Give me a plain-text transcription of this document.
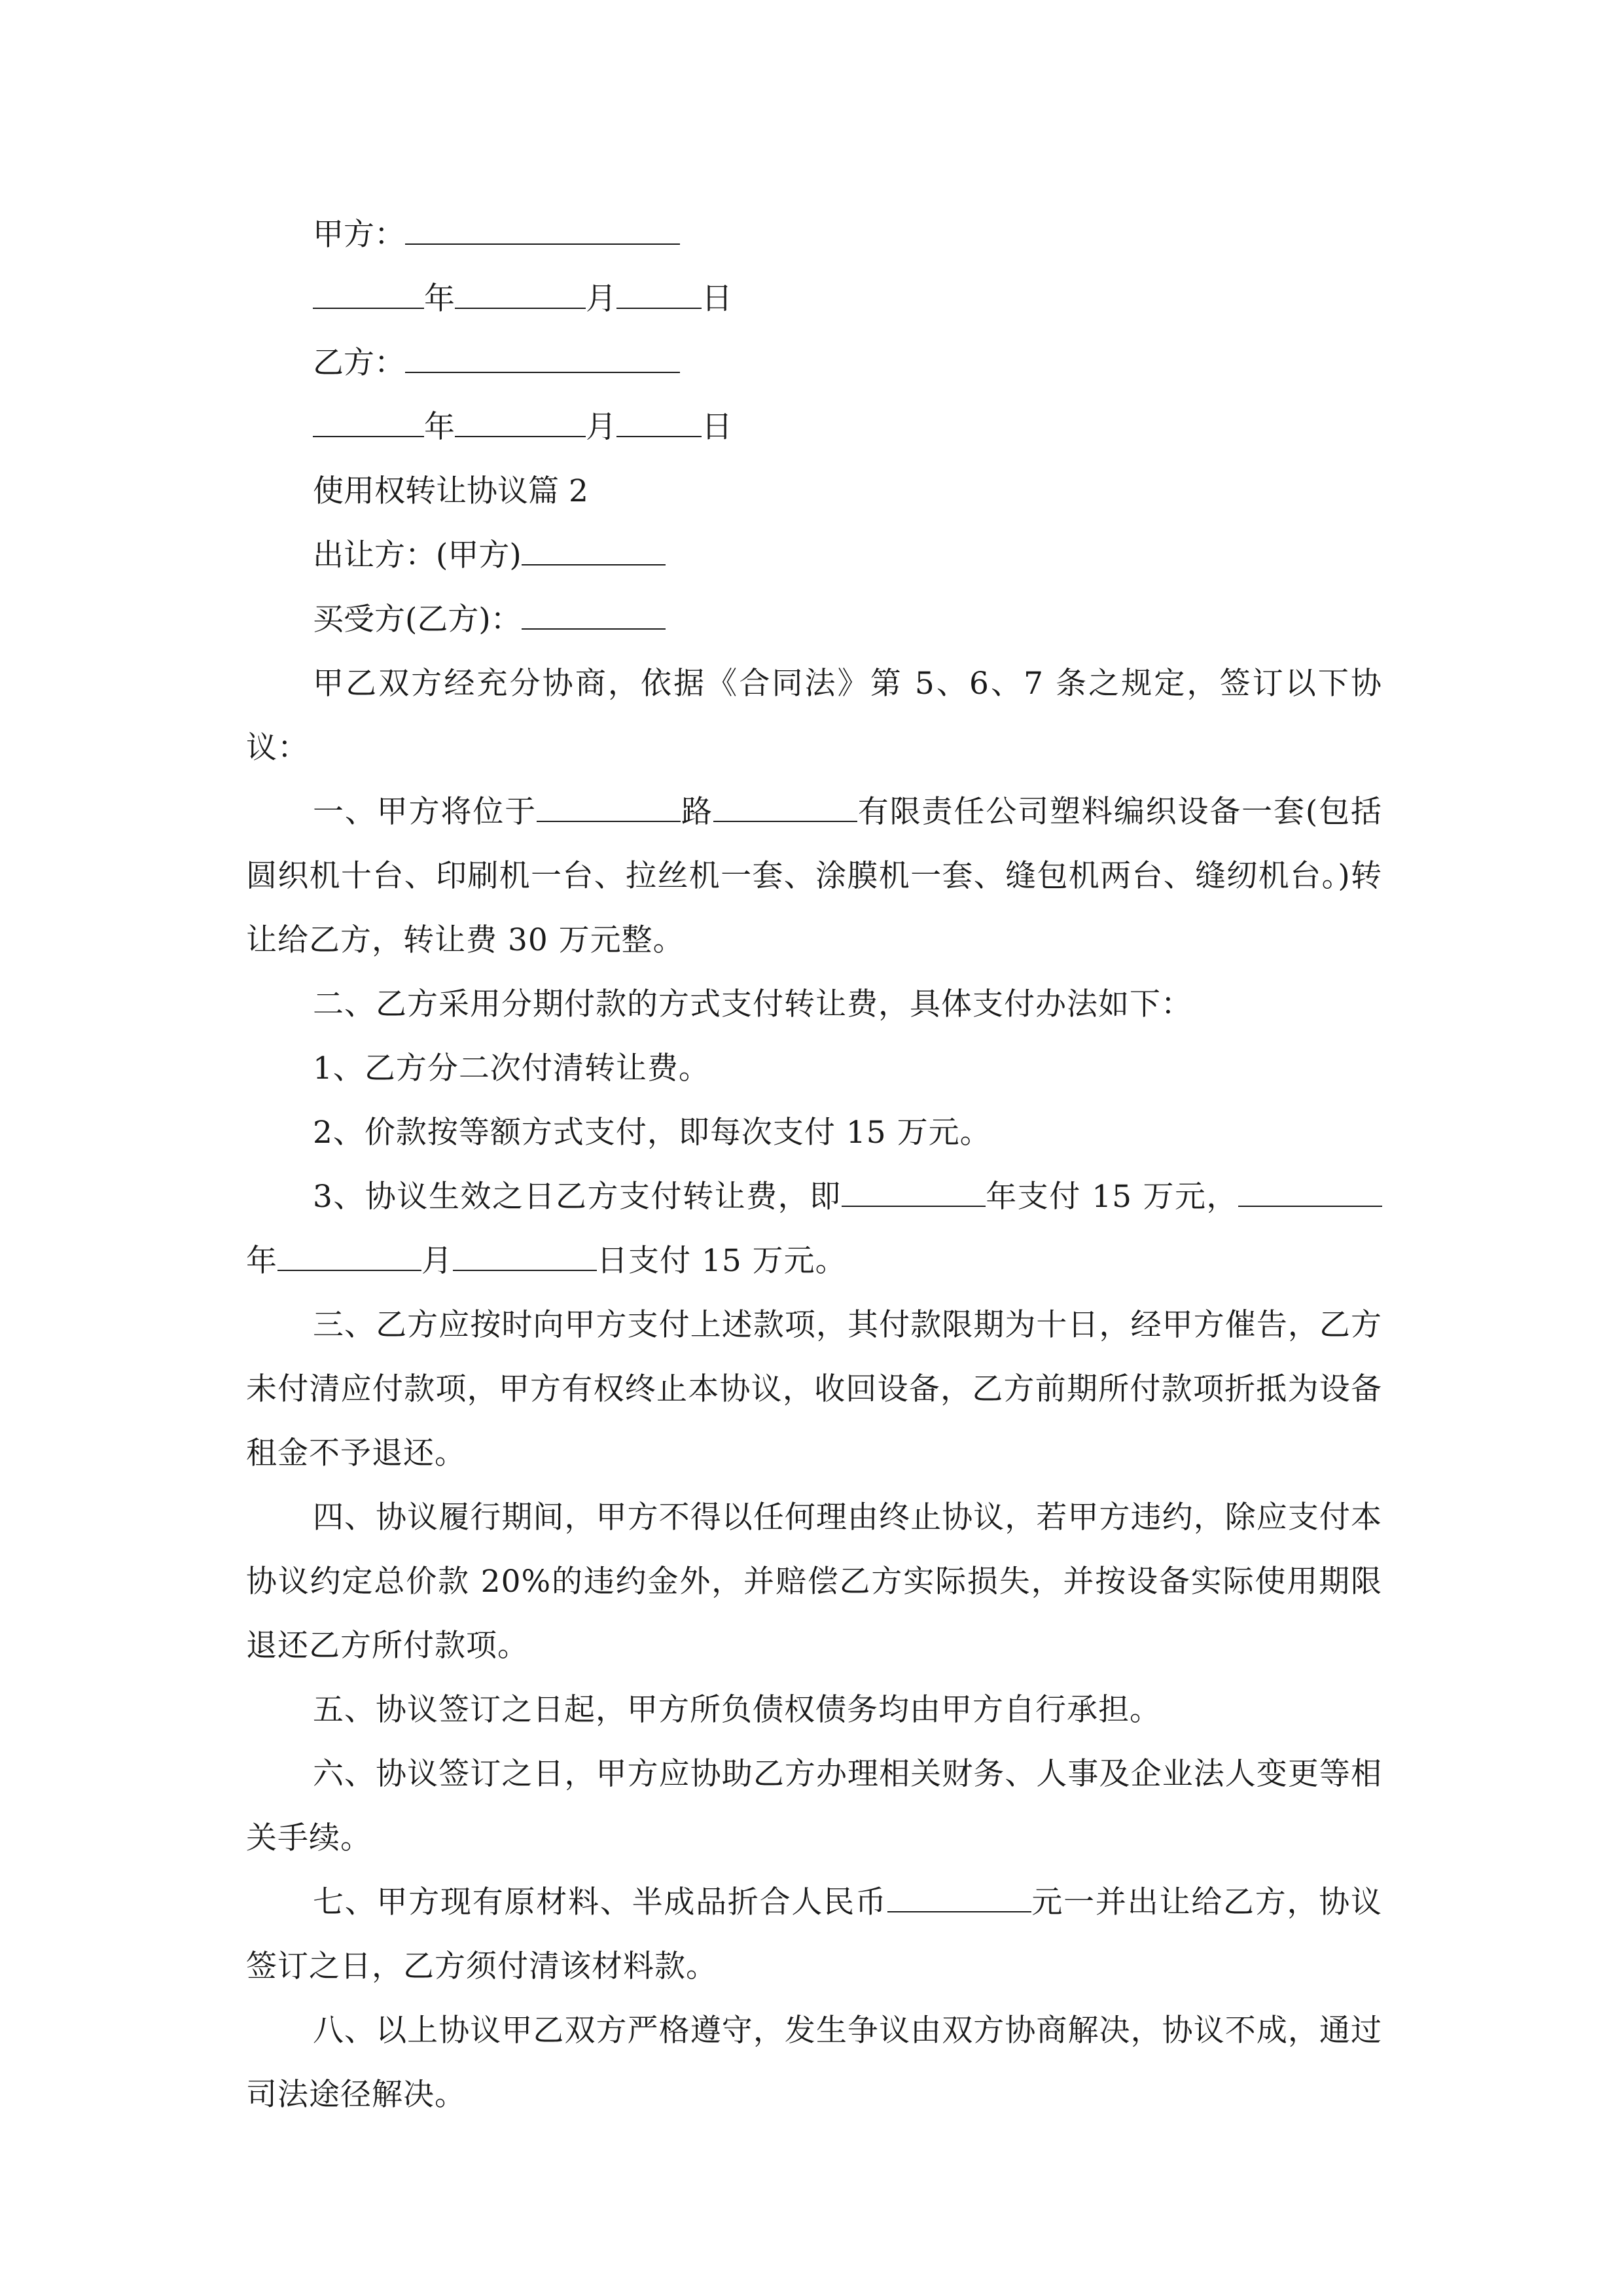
甲方：
年	月	日
乙方：
年	月	日
使用权转让协议篇 2
出让方：(甲方)
买受方(乙方)：
甲乙双方经充分协商，依据《合同法》第 5、6、7 条之规定，签订以下协议：
一、甲方将位于	路	有限责任公司塑料编织设备一套(包括圆织机十台、印刷机一台、拉丝机一套、涂膜机一套、缝包机两台、缝纫机台。)转让给乙方，转让费 30 万元整。
二、乙方采用分期付款的方式支付转让费，具体支付办法如下：
1、乙方分二次付清转让费。
2、价款按等额方式支付，即每次支付 15 万元。
3、协议生效之日乙方支付转让费，即	年支付 15 万元，年	月	日支付 15 万元。
三、乙方应按时向甲方支付上述款项，其付款限期为十日，经甲方催告，乙方未付清应付款项，甲方有权终止本协议，收回设备，乙方前期所付款项折抵为设备租金不予退还。
四、协议履行期间，甲方不得以任何理由终止协议，若甲方违约，除应支付本协议约定总价款 20%的违约金外，并赔偿乙方实际损失，并按设备实际使用期限退还乙方所付款项。
五、协议签订之日起，甲方所负债权债务均由甲方自行承担。
六、协议签订之日，甲方应协助乙方办理相关财务、人事及企业法人变更等相关手续。
七、甲方现有原材料、半成品折合人民币	元一并出让给乙方，协议签订之日，乙方须付清该材料款。
八、以上协议甲乙双方严格遵守，发生争议由双方协商解决，协议不成，通过司法途径解决。
